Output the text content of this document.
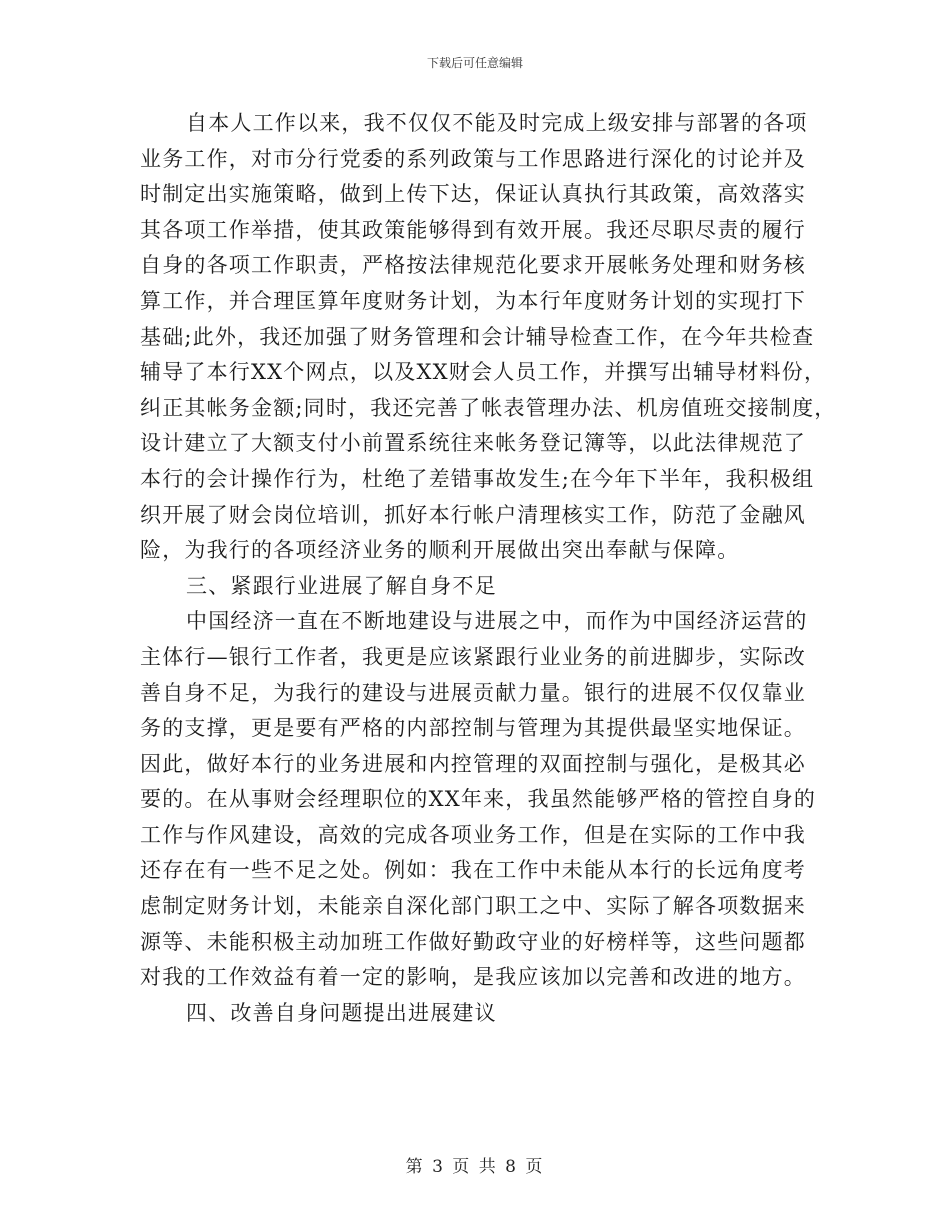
下载后可任意编辑
自本人工作以来，我不仅仅不能及时完成上级安排与部署的各项
业务工作，对市分行党委的系列政策与工作思路进行深化的讨论并及
时制定出实施策略，做到上传下达，保证认真执行其政策，高效落实
其各项工作举措，使其政策能够得到有效开展。我还尽职尽责的履行
自身的各项工作职责，严格按法律规范化要求开展帐务处理和财务核
算工作，并合理匡算年度财务计划，为本行年度财务计划的实现打下
基础;此外，我还加强了财务管理和会计辅导检查工作，在今年共检查
辅导了本行XX个网点，以及XX财会人员工作，并撰写出辅导材料份，
纠正其帐务金额;同时，我还完善了帐表管理办法、机房值班交接制度，
设计建立了大额支付小前置系统往来帐务登记簿等，以此法律规范了
本行的会计操作行为，杜绝了差错事故发生;在今年下半年，我积极组
织开展了财会岗位培训，抓好本行帐户清理核实工作，防范了金融风
险，为我行的各项经济业务的顺利开展做出突出奉献与保障。
三、紧跟行业进展了解自身不足
中国经济一直在不断地建设与进展之中，而作为中国经济运营的
主体行—银行工作者，我更是应该紧跟行业业务的前进脚步，实际改
善自身不足，为我行的建设与进展贡献力量。银行的进展不仅仅靠业
务的支撑，更是要有严格的内部控制与管理为其提供最坚实地保证。
因此，做好本行的业务进展和内控管理的双面控制与强化，是极其必
要的。在从事财会经理职位的XX年来，我虽然能够严格的管控自身的
工作与作风建设，高效的完成各项业务工作，但是在实际的工作中我
还存在有一些不足之处。例如：我在工作中未能从本行的长远角度考
虑制定财务计划，未能亲自深化部门职工之中、实际了解各项数据来
源等、未能积极主动加班工作做好勤政守业的好榜样等，这些问题都
对我的工作效益有着一定的影响，是我应该加以完善和改进的地方。
四、改善自身问题提出进展建议
第 3 页 共 8 页
